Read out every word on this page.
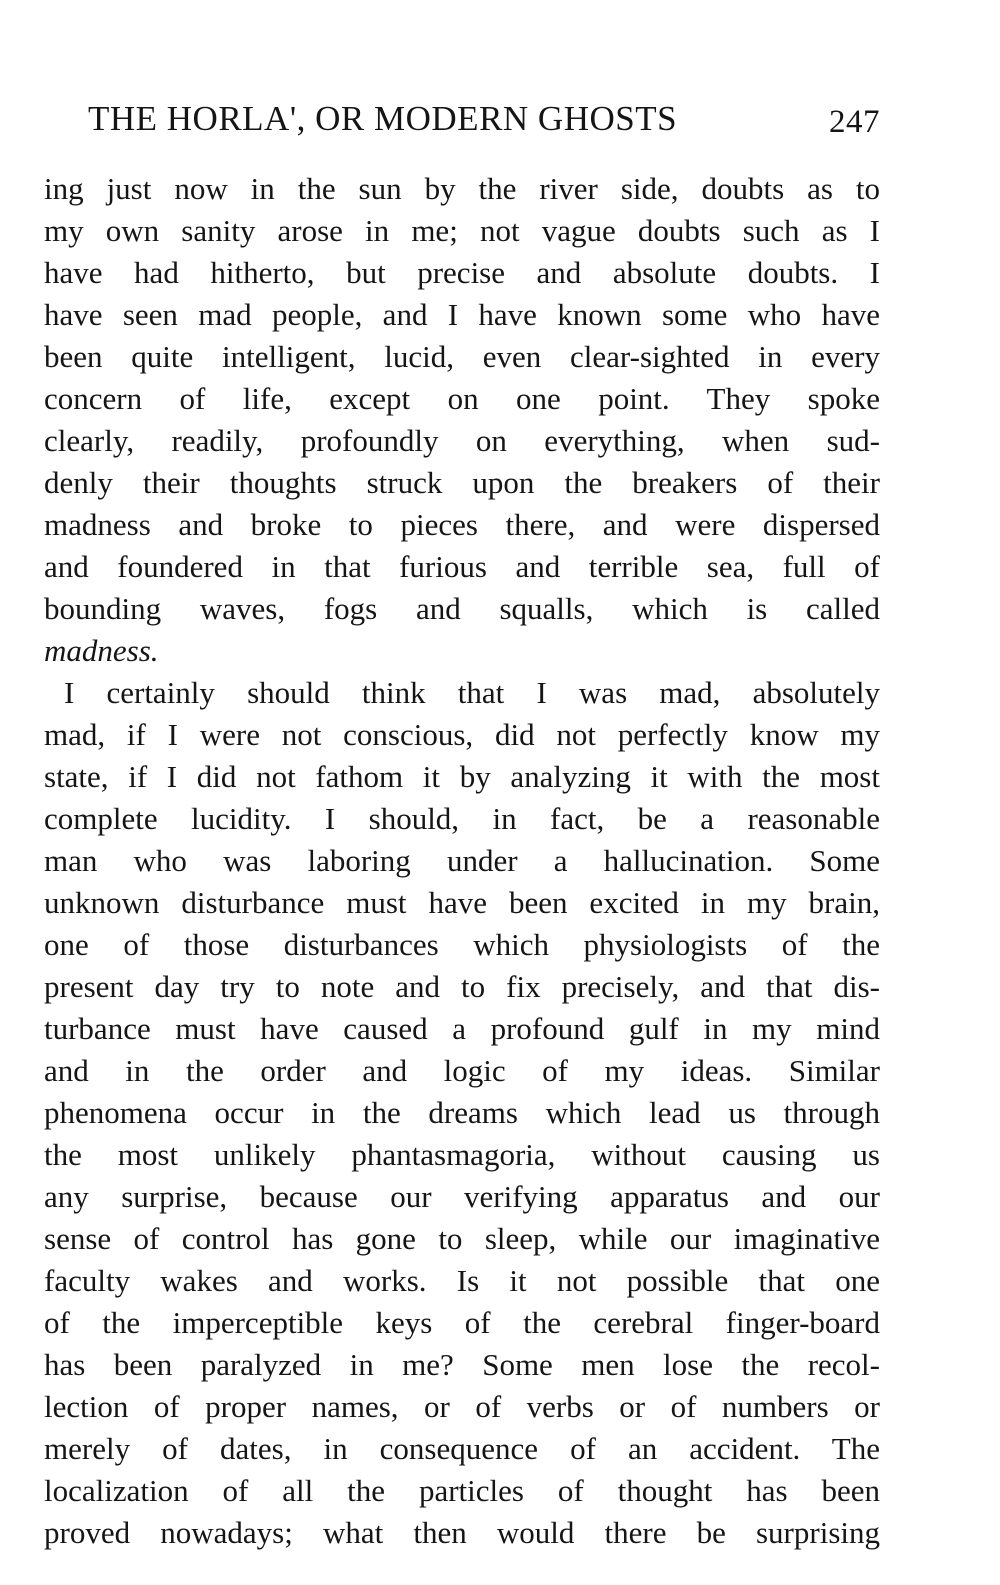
THE HORLA', OR MODERN GHOSTS	247
ing just now in the sun by the river side, doubts as to
my own sanity arose in me; not vague doubts such as I
have had hitherto, but precise and absolute doubts. I
have seen mad people, and I have known some who have
been quite intelligent, lucid, even clear-sighted in every
concern of life, except on one point. They spoke
clearly, readily, profoundly on everything, when sud-
denly their thoughts struck upon the breakers of their
madness and broke to pieces there, and were dispersed
and foundered in that furious and terrible sea, full of
bounding waves, fogs and squalls, which is called
madness.
I certainly should think that I was mad, absolutely
mad, if I were not conscious, did not perfectly know my
state, if I did not fathom it by analyzing it with the most
complete lucidity. I should, in fact, be a reasonable
man who was laboring under a hallucination. Some
unknown disturbance must have been excited in my brain,
one of those disturbances which physiologists of the
present day try to note and to fix precisely, and that dis-
turbance must have caused a profound gulf in my mind
and in the order and logic of my ideas. Similar
phenomena occur in the dreams which lead us through
the most unlikely phantasmagoria, without causing us
any surprise, because our verifying apparatus and our
sense of control has gone to sleep, while our imaginative
faculty wakes and works. Is it not possible that one
of the imperceptible keys of the cerebral finger-board
has been paralyzed in me? Some men lose the recol-
lection of proper names, or of verbs or of numbers or
merely of dates, in consequence of an accident. The
localization of all the particles of thought has been
proved nowadays; what then would there be surprising
